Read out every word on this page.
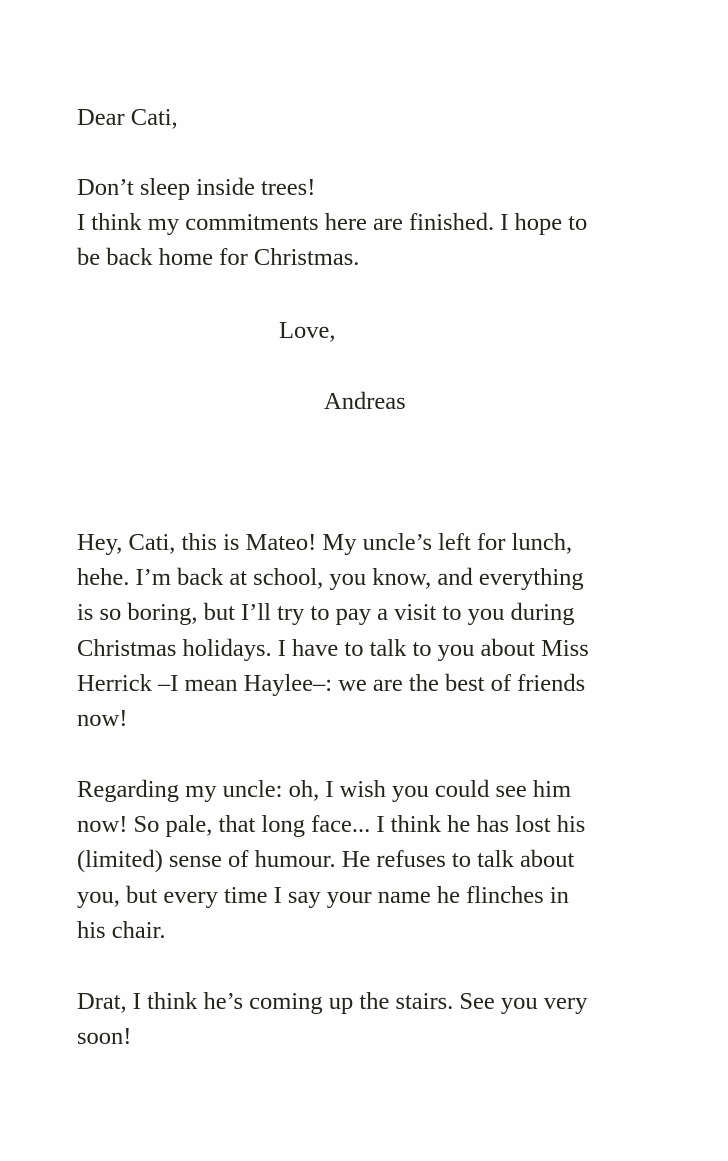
Dear Cati,
Don’t sleep inside trees!
I think my commitments here are finished. I hope to
be back home for Christmas.
Love,
Andreas
Hey, Cati, this is Mateo! My uncle’s left for lunch,
hehe. I’m back at school, you know, and everything
is so boring, but I’ll try to pay a visit to you during
Christmas holidays. I have to talk to you about Miss
Herrick –I mean Haylee–: we are the best of friends
now!
Regarding my uncle: oh, I wish you could see him
now! So pale, that long face... I think he has lost his
(limited) sense of humour. He refuses to talk about
you, but every time I say your name he flinches in
his chair.
Drat, I think he’s coming up the stairs. See you very
soon!
